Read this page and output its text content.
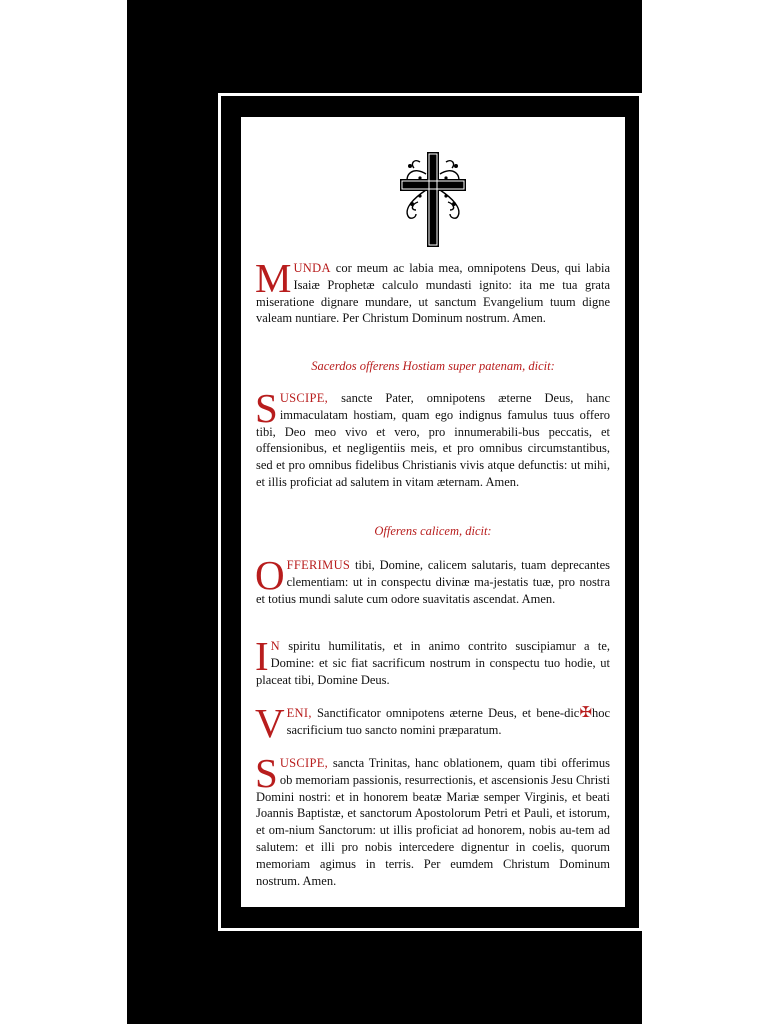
MUNDA cor meum ac labia mea, omnipotens Deus, qui labia Isaiæ Prophetæ calculo mundasti ignito: ita me tua grata miseratione dignare mundare, ut sanctum Evangelium tuum digne valeam nuntiare. Per Christum Dominum nostrum. Amen.
Sacerdos offerens Hostiam super patenam, dicit:
SUSCIPE, sancte Pater, omnipotens æterne Deus, hanc immaculatam hostiam, quam ego indignus famulus tuus offero tibi, Deo meo vivo et vero, pro innumerabili-bus peccatis, et offensionibus, et negligentiis meis, et pro omnibus circumstantibus, sed et pro omnibus fidelibus Christianis vivis atque defunctis: ut mihi, et illis proficiat ad salutem in vitam æternam. Amen.
Offerens calicem, dicit:
OFFERIMUS tibi, Domine, calicem salutaris, tuam deprecantes clementiam: ut in conspectu divinæ ma-jestatis tuæ, pro nostra et totius mundi salute cum odore suavitatis ascendat. Amen.
I N spiritu humilitatis, et in animo contrito suscipiamur a te, Domine: et sic fiat sacrificum nostrum in conspectu tuo hodie, ut placeat tibi, Domine Deus.
VENI, Sanctificator omnipotens æterne Deus, et bene-dic✠hoc sacrificium tuo sancto nomini præparatum.
SUSCIPE, sancta Trinitas, hanc oblationem, quam tibi offerimus ob memoriam passionis, resurrectionis, et ascensionis Jesu Christi Domini nostri: et in honorem beatæ Mariæ semper Virginis, et beati Joannis Baptistæ, et sanctorum Apostolorum Petri et Pauli, et istorum, et om-nium Sanctorum: ut illis proficiat ad honorem, nobis au-tem ad salutem: et illi pro nobis intercedere dignentur in coelis, quorum memoriam agimus in terris. Per eumdem Christum Dominum nostrum. Amen.
